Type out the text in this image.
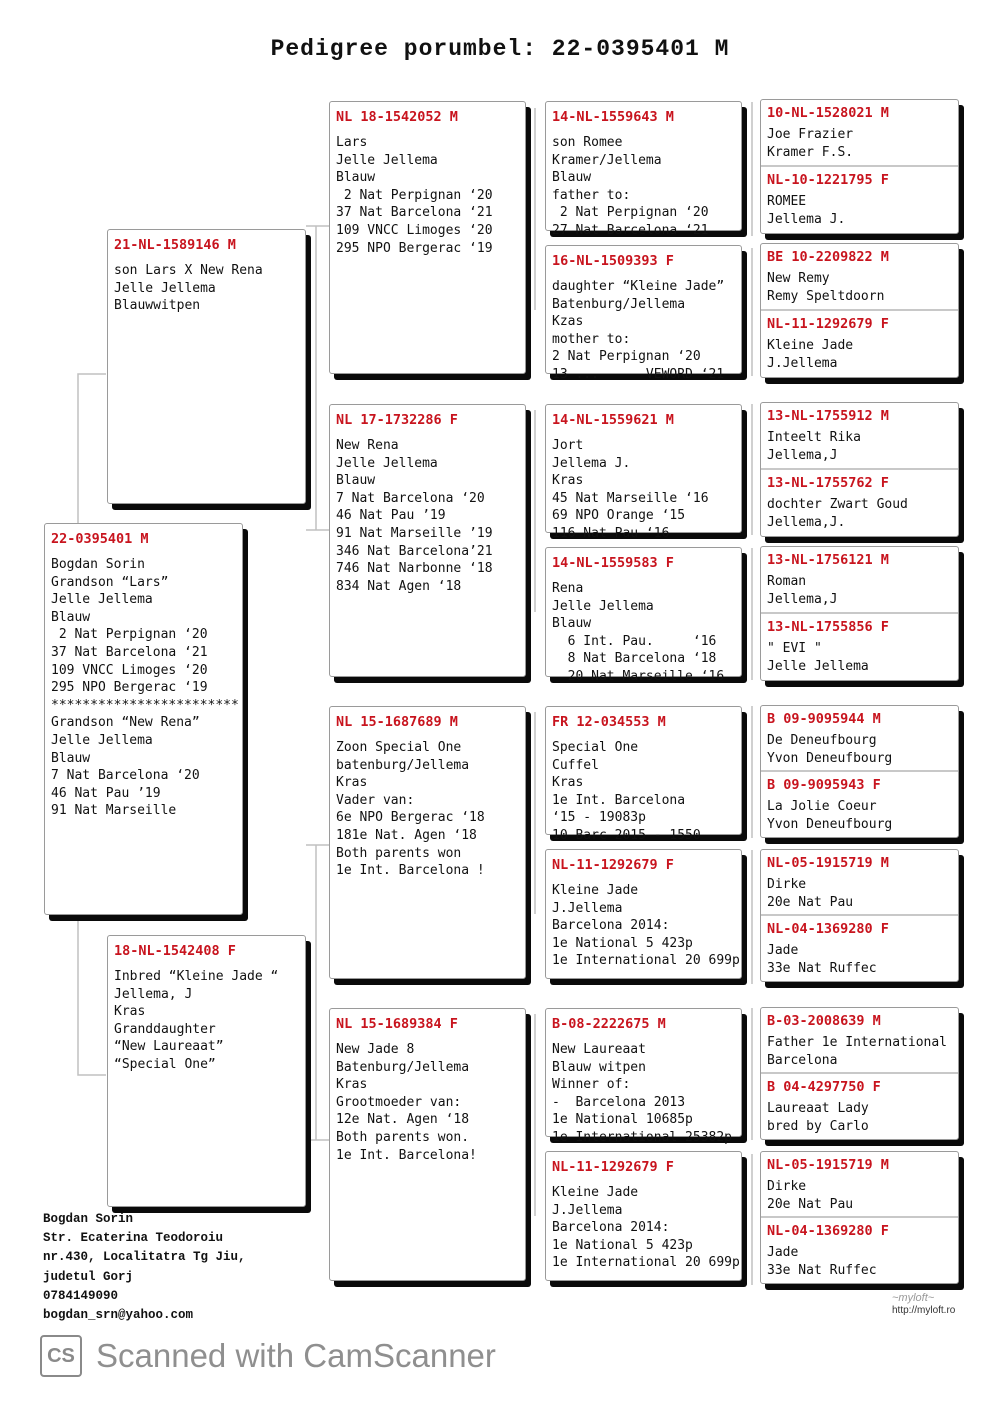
Pedigree porumbel: 22-0395401 M
22-0395401 M
Bogdan Sorin
Grandson “Lars”
Jelle Jellema
Blauw
2 Nat Perpignan ‘20
37 Nat Barcelona ‘21
109 VNCC Limoges ‘20
295 NPO Bergerac ‘19
************************
Grandson “New Rena”
Jelle Jellema
Blauw
7 Nat Barcelona ‘20
46 Nat Pau ’19
91 Nat Marseille
21-NL-1589146 M
son Lars X New Rena
Jelle Jellema
Blauwwitpen
18-NL-1542408 F
Inbred “Kleine Jade “
Jellema, J
Kras
Granddaughter
“New Laureaat”
“Special One”
NL 18-1542052 M
Lars
Jelle Jellema
Blauw
2 Nat Perpignan ‘20
37 Nat Barcelona ‘21
109 VNCC Limoges ‘20
295 NPO Bergerac ‘19
NL 17-1732286 F
New Rena
Jelle Jellema
Blauw
7 Nat Barcelona ‘20
46 Nat Pau ’19
91 Nat Marseille ’19
346 Nat Barcelona’21
746 Nat Narbonne ‘18
834 Nat Agen ‘18
NL 15-1687689 M
Zoon Special One
batenburg/Jellema
Kras
Vader van:
6e NPO Bergerac ‘18
181e Nat. Agen ‘18
Both parents won
1e Int. Barcelona !
NL 15-1689384 F
New Jade 8
Batenburg/Jellema
Kras
Grootmoeder van:
12e Nat. Agen ‘18
Both parents won.
1e Int. Barcelona!
14-NL-1559643 M
son Romee
Kramer/Jellema
Blauw
father to:
2 Nat Perpignan ‘20
27 Nat Barcelona ‘21
16-NL-1509393 F
daughter “Kleine Jade”
Batenburg/Jellema
Kzas
mother to:
2 Nat Perpignan ‘20
13 ...      VEWORD ‘21
14-NL-1559621 M
Jort
Jellema J.
Kras
45 Nat Marseille ‘16
69 NPO Orange ‘15
116 Nat Pau ‘16
14-NL-1559583 F
Rena
Jelle Jellema
Blauw
6 Int. Pau.     ‘16
8 Nat Barcelona ‘18
20 Nat Marseille ‘16
FR 12-034553 M
Special One
Cuffel
Kras
1e Int. Barcelona
‘15 - 19083p
10 Barc 2015 - 1550
NL-11-1292679 F
Kleine Jade
J.Jellema
Barcelona 2014:
1e National 5 423p
1e International 20 699p
B-08-2222675 M
New Laureaat
Blauw witpen
Winner of:
-  Barcelona 2013
1e National 10685p
1e International 25382p
NL-11-1292679 F
Kleine Jade
J.Jellema
Barcelona 2014:
1e National 5 423p
1e International 20 699p
10-NL-1528021 M
Joe Frazier
Kramer F.S.
NL-10-1221795 F
ROMEE
Jellema J.
BE 10-2209822 M
New Remy
Remy Speltdoorn
NL-11-1292679 F
Kleine Jade
J.Jellema
13-NL-1755912 M
Inteelt Rika
Jellema,J
13-NL-1755762 F
dochter Zwart Goud
Jellema,J.
13-NL-1756121 M
Roman
Jellema,J
13-NL-1755856 F
" EVI "
Jelle Jellema
B 09-9095944 M
De Deneufbourg
Yvon Deneufbourg
B 09-9095943 F
La Jolie Coeur
Yvon Deneufbourg
NL-05-1915719 M
Dirke
20e Nat Pau
NL-04-1369280 F
Jade
33e Nat Ruffec
B-03-2008639 M
Father 1e International
Barcelona
B 04-4297750 F
Laureaat Lady
bred by Carlo
NL-05-1915719 M
Dirke
20e Nat Pau
NL-04-1369280 F
Jade
33e Nat Ruffec
Bogdan Sorin
Str. Ecaterina Teodoroiu
nr.430, Localitatra Tg Jiu,
judetul Gorj
0784149090
bogdan_srn@yahoo.com
~myloft~
http://myloft.ro
CS Scanned with CamScanner
